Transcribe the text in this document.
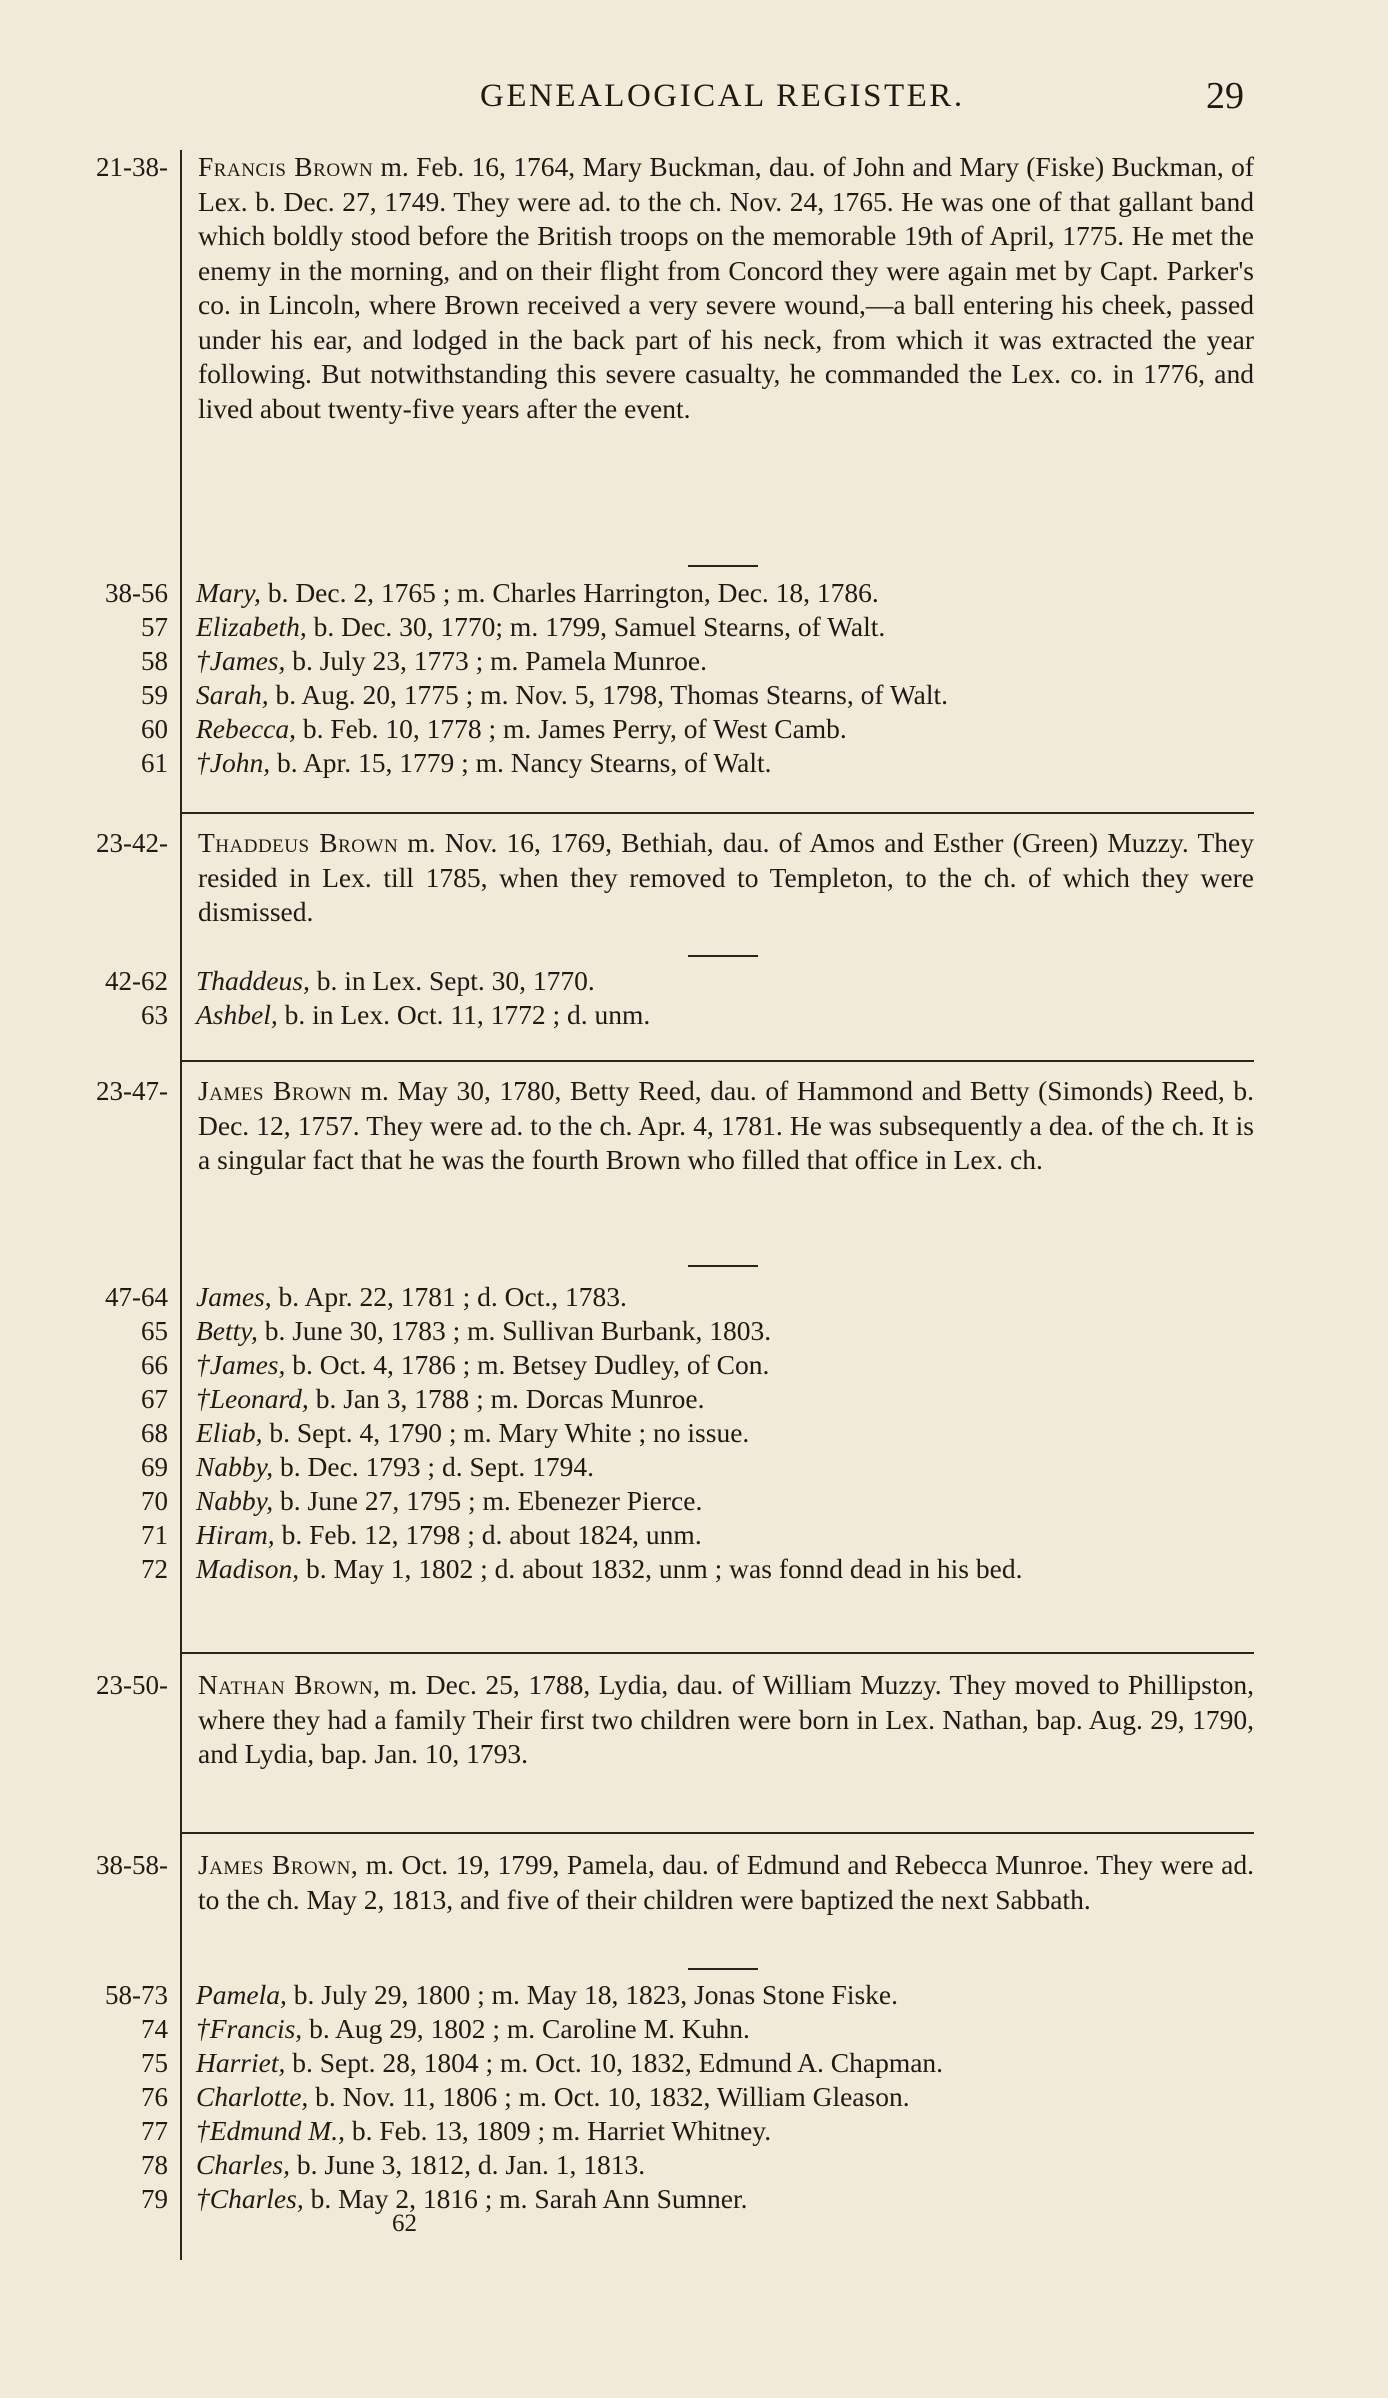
GENEALOGICAL REGISTER.	29
21-38- Francis Brown m. Feb. 16, 1764, Mary Buckman, dau. of John and Mary (Fiske) Buckman, of Lex. b. Dec. 27, 1749. They were ad. to the ch. Nov. 24, 1765. He was one of that gallant band which boldly stood before the British troops on the memorable 19th of April, 1775. He met the enemy in the morning, and on their flight from Concord they were again met by Capt. Parker's co. in Lincoln, where Brown received a very severe wound,—a ball entering his cheek, passed under his ear, and lodged in the back part of his neck, from which it was extracted the year following. But notwithstanding this severe casualty, he commanded the Lex. co. in 1776, and lived about twenty-five years after the event.
38-56 Mary, b. Dec. 2, 1765 ; m. Charles Harrington, Dec. 18, 1786.
57 Elizabeth, b. Dec. 30, 1770; m. 1799, Samuel Stearns, of Walt.
58 †James, b. July 23, 1773 ; m. Pamela Munroe.
59 Sarah, b. Aug. 20, 1775 ; m. Nov. 5, 1798, Thomas Stearns, of Walt.
60 Rebecca, b. Feb. 10, 1778 ; m. James Perry, of West Camb.
61 †John, b. Apr. 15, 1779 ; m. Nancy Stearns, of Walt.
23-42- Thaddeus Brown m. Nov. 16, 1769, Bethiah, dau. of Amos and Esther (Green) Muzzy. They resided in Lex. till 1785, when they removed to Templeton, to the ch. of which they were dismissed.
42-62 Thaddeus, b. in Lex. Sept. 30, 1770.
63 Ashbel, b. in Lex. Oct. 11, 1772 ; d. unm.
23-47- James Brown m. May 30, 1780, Betty Reed, dau. of Hammond and Betty (Simonds) Reed, b. Dec. 12, 1757. They were ad. to the ch. Apr. 4, 1781. He was subsequently a dea. of the ch. It is a singular fact that he was the fourth Brown who filled that office in Lex. ch.
47-64 James, b. Apr. 22, 1781 ; d. Oct., 1783.
65 Betty, b. June 30, 1783 ; m. Sullivan Burbank, 1803.
66 †James, b. Oct. 4, 1786 ; m. Betsey Dudley, of Con.
67 †Leonard, b. Jan 3, 1788 ; m. Dorcas Munroe.
68 Eliab, b. Sept. 4, 1790 ; m. Mary White ; no issue.
69 Nabby, b. Dec. 1793 ; d. Sept. 1794.
70 Nabby, b. June 27, 1795 ; m. Ebenezer Pierce.
71 Hiram, b. Feb. 12, 1798 ; d. about 1824, unm.
72 Madison, b. May 1, 1802 ; d. about 1832, unm ; was fonnd dead in his bed.
23-50- Nathan Brown, m. Dec. 25, 1788, Lydia, dau. of William Muzzy. They moved to Phillipston, where they had a family Their first two children were born in Lex. Nathan, bap. Aug. 29, 1790, and Lydia, bap. Jan. 10, 1793.
38-58- James Brown, m. Oct. 19, 1799, Pamela, dau. of Edmund and Rebecca Munroe. They were ad. to the ch. May 2, 1813, and five of their children were baptized the next Sabbath.
58-73 Pamela, b. July 29, 1800 ; m. May 18, 1823, Jonas Stone Fiske.
74 †Francis, b. Aug 29, 1802 ; m. Caroline M. Kuhn.
75 Harriet, b. Sept. 28, 1804 ; m. Oct. 10, 1832, Edmund A. Chapman.
76 Charlotte, b. Nov. 11, 1806 ; m. Oct. 10, 1832, William Gleason.
77 †Edmund M., b. Feb. 13, 1809 ; m. Harriet Whitney.
78 Charles, b. June 3, 1812, d. Jan. 1, 1813.
79 †Charles, b. May 2, 1816 ; m. Sarah Ann Sumner.
62
